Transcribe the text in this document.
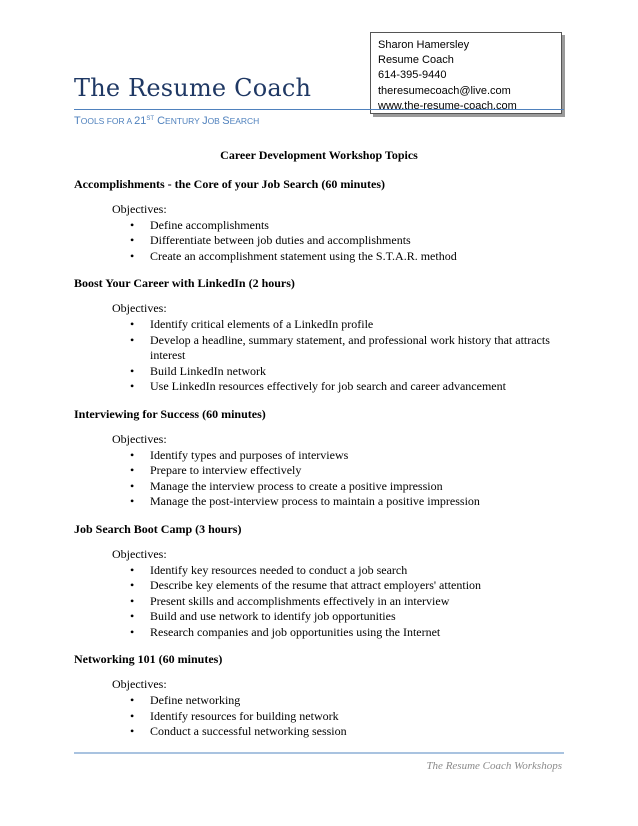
Sharon Hamersley
Resume Coach
614-395-9440
theresumecoach@live.com
www.the-resume-coach.com
The Resume Coach
TOOLS FOR A 21ST CENTURY JOB SEARCH
Career Development Workshop Topics
Accomplishments - the Core of your Job Search (60 minutes)
Objectives:
• Define accomplishments
• Differentiate between job duties and accomplishments
• Create an accomplishment statement using the S.T.A.R. method
Boost Your Career with LinkedIn (2 hours)
Objectives:
• Identify critical elements of a LinkedIn profile
• Develop a headline, summary statement, and professional work history that attracts interest
• Build LinkedIn network
• Use LinkedIn resources effectively for job search and career advancement
Interviewing for Success (60 minutes)
Objectives:
• Identify types and purposes of interviews
• Prepare to interview effectively
• Manage the interview process to create a positive impression
• Manage the post-interview process to maintain a positive impression
Job Search Boot Camp (3 hours)
Objectives:
• Identify key resources needed to conduct a job search
• Describe key elements of the resume that attract employers' attention
• Present skills and accomplishments effectively in an interview
• Build and use network to identify job opportunities
• Research companies and job opportunities using the Internet
Networking 101 (60 minutes)
Objectives:
• Define networking
• Identify resources for building network
• Conduct a successful networking session
The Resume Coach Workshops
